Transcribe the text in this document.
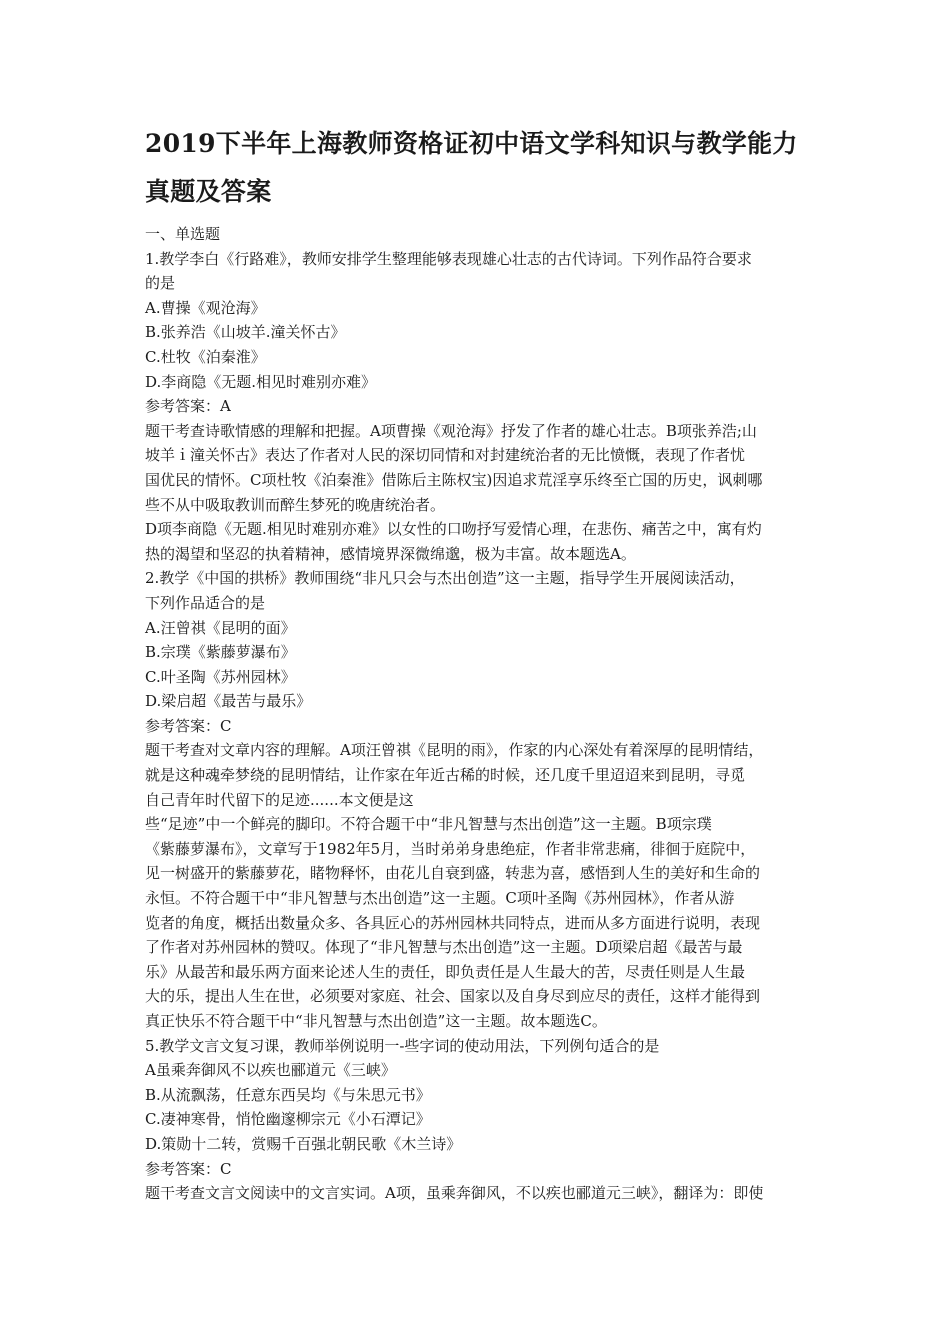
2019下半年上海教师资格证初中语文学科知识与教学能力
真题及答案

一、单选题

1.教学李白《行路难》，教师安排学生整理能够表现雄心壮志的古代诗词。下列作品符合要求

的是

A.曹操《观沧海》

B.张养浩《山坡羊.潼关怀古》

C.杜牧《泊秦淮》

D.李商隐《无题.相见时难别亦难》

参考答案：A

题干考查诗歌情感的理解和把握。A项曹操《观沧海》抒发了作者的雄心壮志。B项张养浩;山

坡羊ｉ潼关怀古》表达了作者对人民的深切同情和对封建统治者的无比愤慨，表现了作者忧

国优民的情怀。C项杜牧《泊秦淮》借陈后主陈权宝)因追求荒淫享乐终至亡国的历史，讽刺哪

些不从中吸取教训而醉生梦死的晚唐统治者。

D项李商隐《无题.相见时难别亦难》以女性的口吻抒写爱情心理，在悲伤、痛苦之中，寓有灼

热的渴望和坚忍的执着精神，感情境界深微绵邈，极为丰富。故本题选A。

2.教学《中国的拱桥》教师围绕“非凡只会与杰出创造”这一主题，指导学生开展阅读活动，

下列作品适合的是

A.汪曾祺《昆明的面》

B.宗璞《紫藤萝瀑布》

C.叶圣陶《苏州园林》

D.梁启超《最苦与最乐》

参考答案：C

题干考查对文章内容的理解。A项汪曾祺《昆明的雨》，作家的内心深处有着深厚的昆明情结，

就是这种魂牵梦绕的昆明情结，让作家在年近古稀的时候，还几度千里迢迢来到昆明，寻觅

自己青年时代留下的足迹......本文便是这

些“足迹”中一个鲜亮的脚印。不符合题干中“非凡智慧与杰出创造”这一主题。B项宗璞

《紫藤萝瀑布》，文章写于1982年5月，当时弟弟身患绝症，作者非常悲痛，徘徊于庭院中，

见一树盛开的紫藤萝花，睹物释怀，由花儿自衰到盛，转悲为喜，感悟到人生的美好和生命的

永恒。不符合题干中“非凡智慧与杰出创造”这一主题。C项叶圣陶《苏州园林》，作者从游

览者的角度，概括出数量众多、各具匠心的苏州园林共同特点，进而从多方面进行说明，表现

了作者对苏州园林的赞叹。体现了“非凡智慧与杰出创造”这一主题。D项梁启超《最苦与最

乐》从最苦和最乐两方面来论述人生的责任，即负责任是人生最大的苦，尽责任则是人生最

大的乐，提出人生在世，必须要对家庭、社会、国家以及自身尽到应尽的责任，这样才能得到

真正快乐不符合题干中“非凡智慧与杰出创造”这一主题。故本题选C。

5.教学文言文复习课，教师举例说明一-些字词的使动用法，下列例句适合的是

A虽乘奔御风不以疾也郦道元《三峡》

B.从流飘荡，任意东西吴均《与朱思元书》

C.凄神寒骨，悄怆幽邃柳宗元《小石潭记》

D.策勋十二转，赏赐千百强北朝民歌《木兰诗》

参考答案：C

题干考查文言文阅读中的文言实词。A项，虽乘奔御风，不以疾也郦道元三峡》，翻译为：即使
